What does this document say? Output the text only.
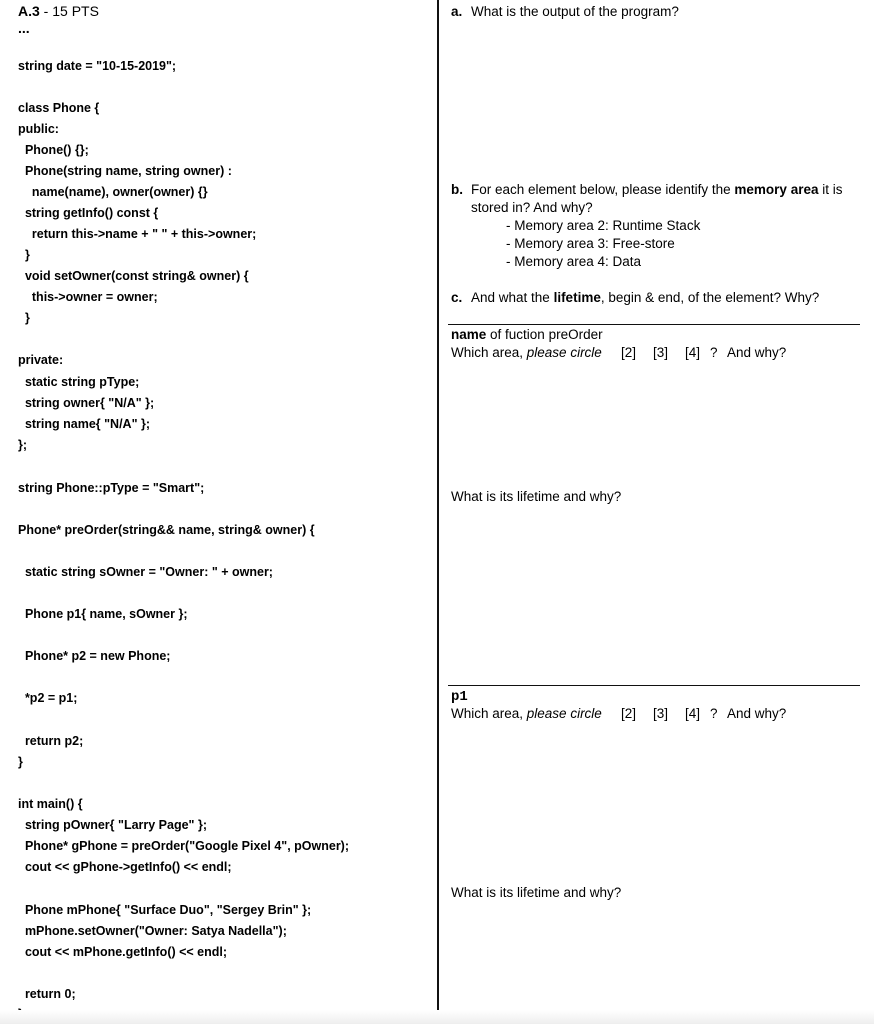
A.3 - 15 PTS
...
string date = "10-15-2019";
class Phone {
public:
Phone() {};
Phone(string name, string owner) :
name(name), owner(owner) {}
string getInfo() const {
return this->name + " " + this->owner;
}
void setOwner(const string& owner) {
this->owner = owner;
}
private:
static string pType;
string owner{ "N/A" };
string name{ "N/A" };
};
string Phone::pType = "Smart";
Phone* preOrder(string&& name, string& owner) {
static string sOwner = "Owner: " + owner;
Phone p1{ name, sOwner };
Phone* p2 = new Phone;
*p2 = p1;
return p2;
}
int main() {
string pOwner{ "Larry Page" };
Phone* gPhone = preOrder("Google Pixel 4", pOwner);
cout << gPhone->getInfo() << endl;
Phone mPhone{ "Surface Duo", "Sergey Brin" };
mPhone.setOwner("Owner: Satya Nadella");
cout << mPhone.getInfo() << endl;
return 0;
a. What is the output of the program?
b. For each element below, please identify the memory area it is stored in? And why?
- Memory area 2: Runtime Stack
- Memory area 3: Free-store
- Memory area 4: Data
c. And what the lifetime, begin & end, of the element? Why?
name of fuction preOrder
Which area, please circle [2] [3] [4] ? And why?
What is its lifetime and why?
p1
Which area, please circle [2] [3] [4] ? And why?
What is its lifetime and why?
